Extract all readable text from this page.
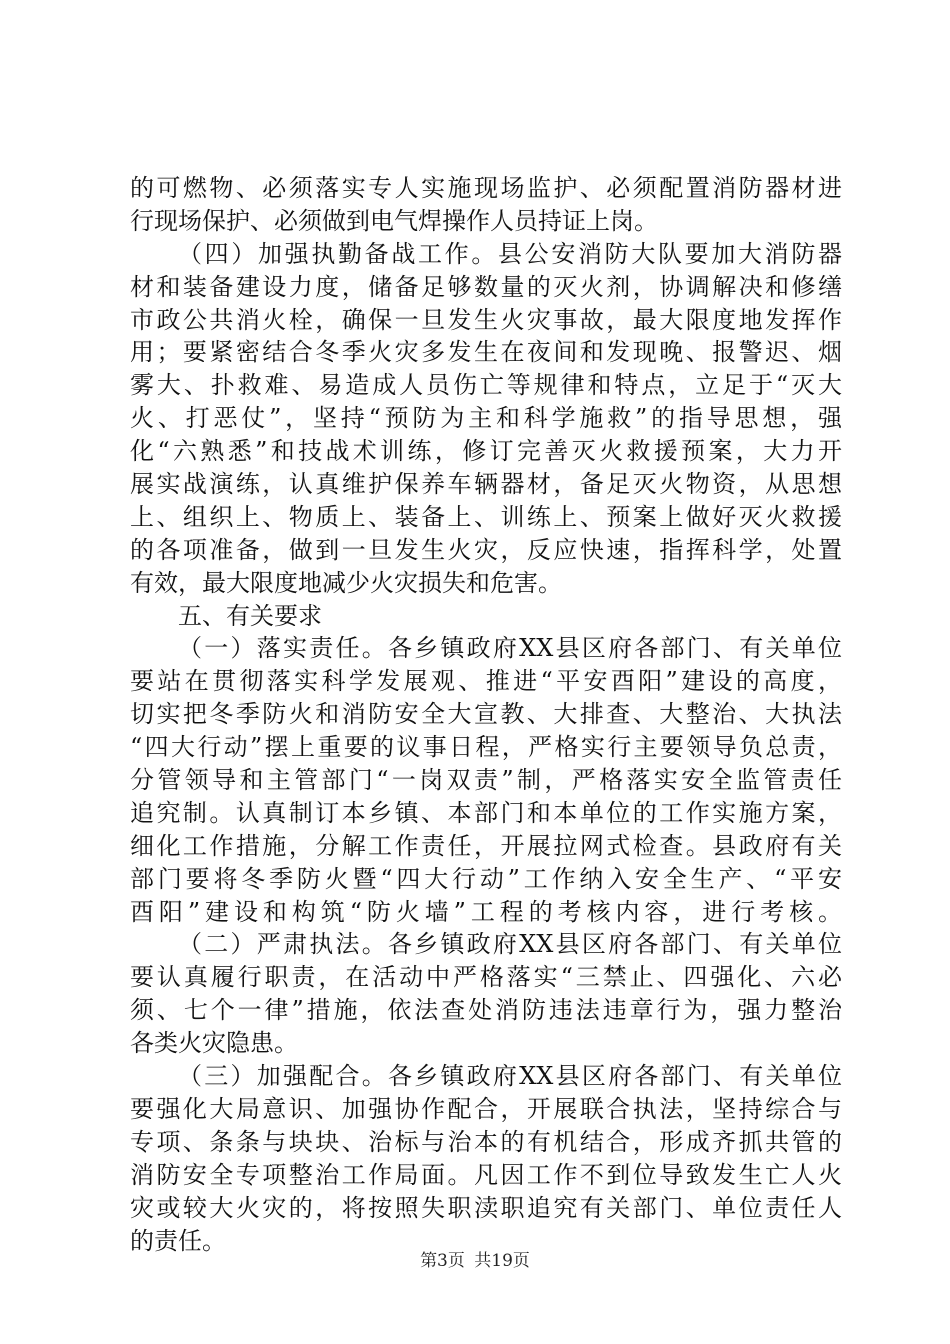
的可燃物、必须落实专人实施现场监护、必须配置消防器材进
行现场保护、必须做到电气焊操作人员持证上岗。
（四）加强执勤备战工作。县公安消防大队要加大消防器
材和装备建设力度，储备足够数量的灭火剂，协调解决和修缮
市政公共消火栓，确保一旦发生火灾事故，最大限度地发挥作
用；要紧密结合冬季火灾多发生在夜间和发现晚、报警迟、烟
雾大、扑救难、易造成人员伤亡等规律和特点，立足于“灭大
火、打恶仗”，坚持“预防为主和科学施救”的指导思想，强
化“六熟悉”和技战术训练，修订完善灭火救援预案，大力开
展实战演练，认真维护保养车辆器材，备足灭火物资，从思想
上、组织上、物质上、装备上、训练上、预案上做好灭火救援
的各项准备，做到一旦发生火灾，反应快速，指挥科学，处置
有效，最大限度地减少火灾损失和危害。
五、有关要求
（一）落实责任。各乡镇政府XX县区府各部门、有关单位
要站在贯彻落实科学发展观、推进“平安酉阳”建设的高度，
切实把冬季防火和消防安全大宣教、大排查、大整治、大执法
“四大行动”摆上重要的议事日程，严格实行主要领导负总责，
分管领导和主管部门“一岗双责”制，严格落实安全监管责任
追究制。认真制订本乡镇、本部门和本单位的工作实施方案，
细化工作措施，分解工作责任，开展拉网式检查。县政府有关
部门要将冬季防火暨“四大行动”工作纳入安全生产、“平安
酉阳”建设和构筑“防火墙”工程的考核内容，进行考核。
（二）严肃执法。各乡镇政府XX县区府各部门、有关单位
要认真履行职责，在活动中严格落实“三禁止、四强化、六必
须、七个一律”措施，依法查处消防违法违章行为，强力整治
各类火灾隐患。
（三）加强配合。各乡镇政府XX县区府各部门、有关单位
要强化大局意识、加强协作配合，开展联合执法，坚持综合与
专项、条条与块块、治标与治本的有机结合，形成齐抓共管的
消防安全专项整治工作局面。凡因工作不到位导致发生亡人火
灾或较大火灾的，将按照失职渎职追究有关部门、单位责任人
的责任。
第3页 共19页
